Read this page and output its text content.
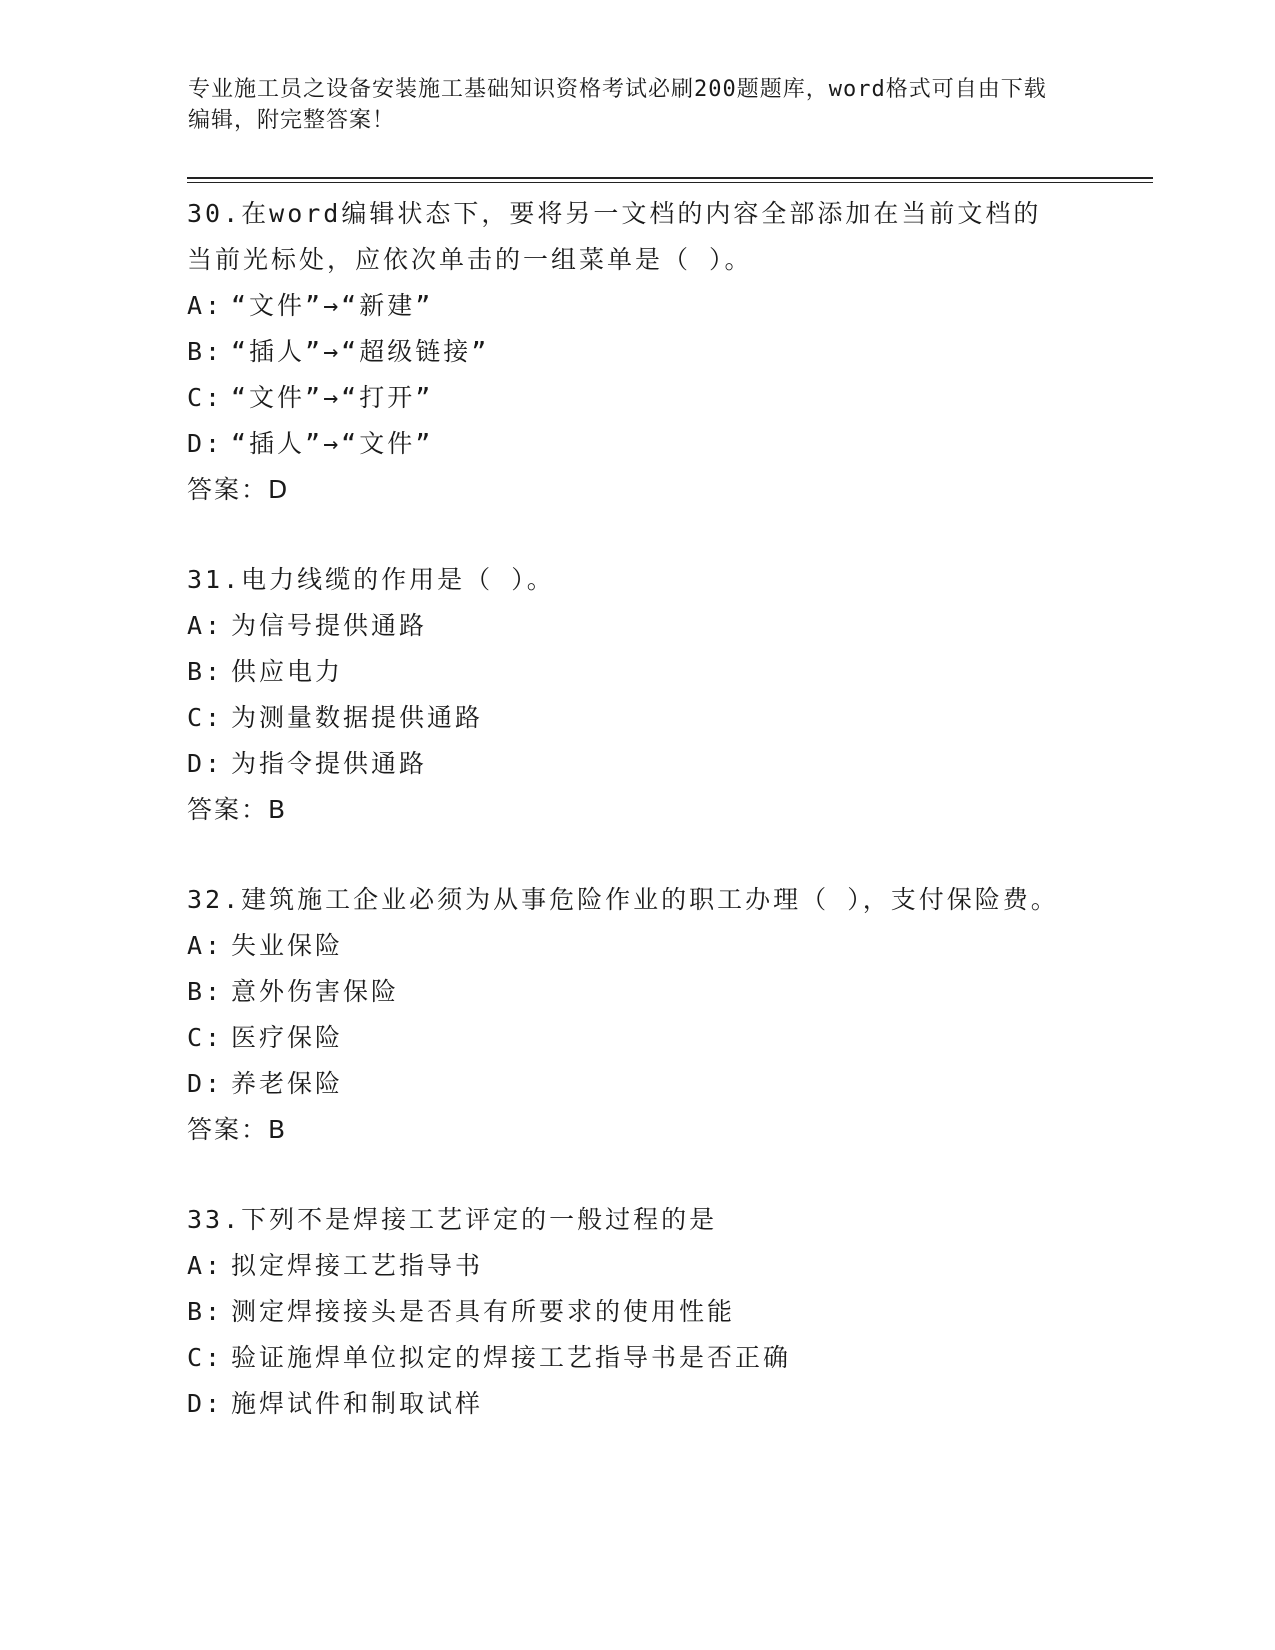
专业施工员之设备安装施工基础知识资格考试必刷200题题库，word格式可自由下载编辑，附完整答案！
30.在word编辑状态下，要将另一文档的内容全部添加在当前文档的当前光标处，应依次单击的一组菜单是（ ）。
A: “文件”→“新建”
B: “插人”→“超级链接”
C: “文件”→“打开”
D: “插人”→“文件”
答案：D
31.电力线缆的作用是（ ）。
A: 为信号提供通路
B: 供应电力
C: 为测量数据提供通路
D: 为指令提供通路
答案：B
32.建筑施工企业必须为从事危险作业的职工办理（ ），支付保险费。
A: 失业保险
B: 意外伤害保险
C: 医疗保险
D: 养老保险
答案：B
33.下列不是焊接工艺评定的一般过程的是
A: 拟定焊接工艺指导书
B: 测定焊接接头是否具有所要求的使用性能
C: 验证施焊单位拟定的焊接工艺指导书是否正确
D: 施焊试件和制取试样
